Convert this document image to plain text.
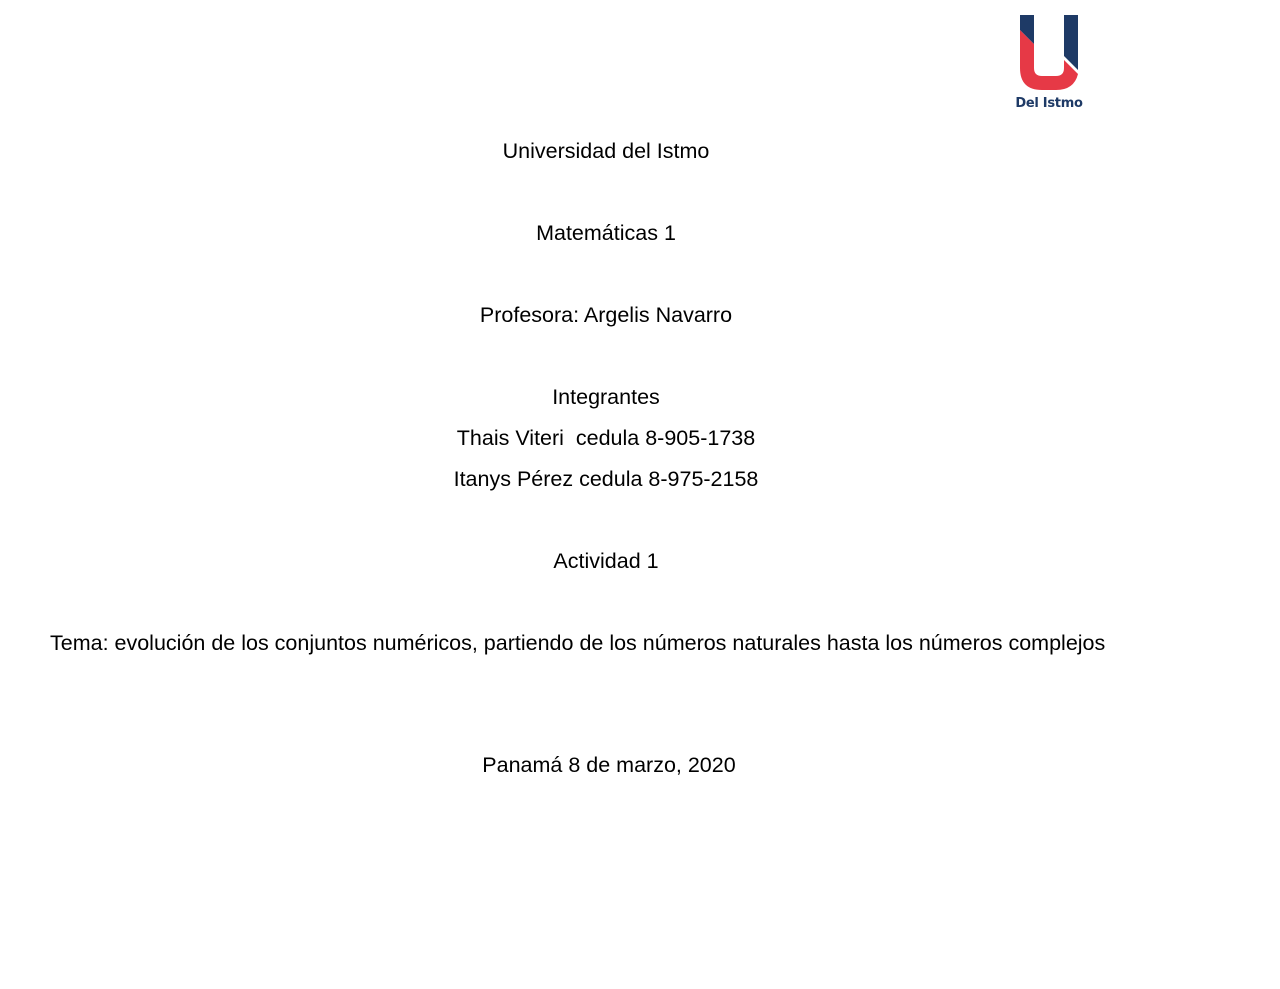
Del Istmo
Universidad del Istmo
Matemáticas 1
Profesora: Argelis Navarro
Integrantes
Thais Viteri  cedula 8-905-1738
Itanys Pérez cedula 8-975-2158
Actividad 1
Tema: evolución de los conjuntos numéricos, partiendo de los números naturales hasta los números complejos
Panamá 8 de marzo, 2020
